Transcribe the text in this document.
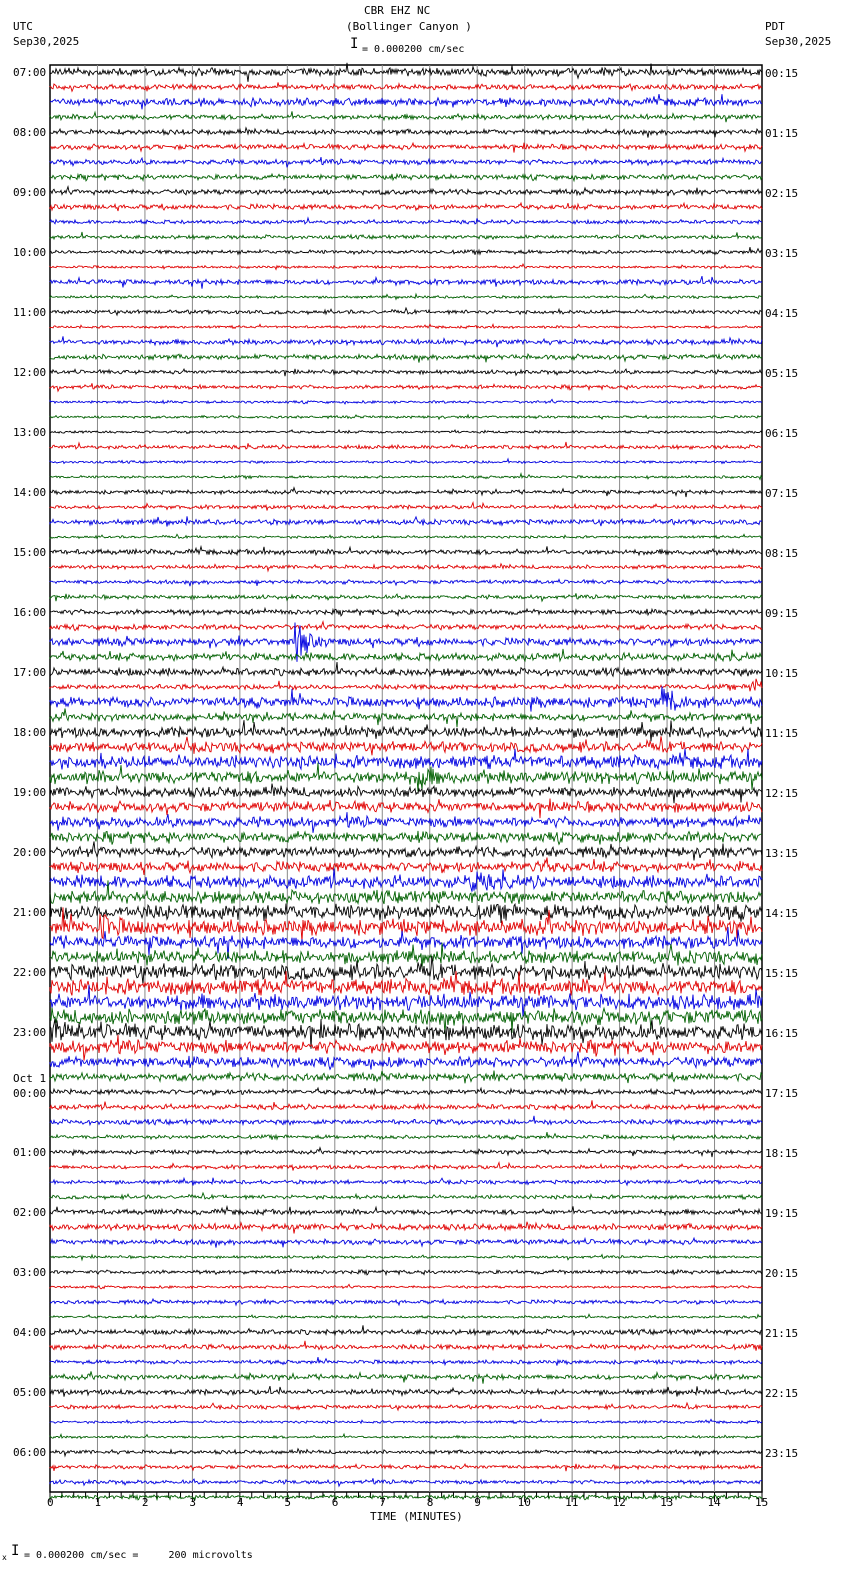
CBR EHZ NC
(Bollinger Canyon )
UTC
Sep30,2025
PDT
Sep30,2025
I = 0.000200 cm/sec
TIME (MINUTES)
x I = 0.000200 cm/sec =     200 microvolts
0	1	2	3	4	5	6	7	8	9	10	11	12	13	14	15
07:00
08:00
09:00
10:00
11:00
12:00
13:00
14:00
15:00
16:00
17:00
18:00
19:00
20:00
21:00
22:00
23:00
Oct 1
00:00
01:00
02:00
03:00
04:00
05:00
06:00
00:15
01:15
02:15
03:15
04:15
05:15
06:15
07:15
08:15
09:15
10:15
11:15
12:15
13:15
14:15
15:15
16:15
17:15
18:15
19:15
20:15
21:15
22:15
23:15
